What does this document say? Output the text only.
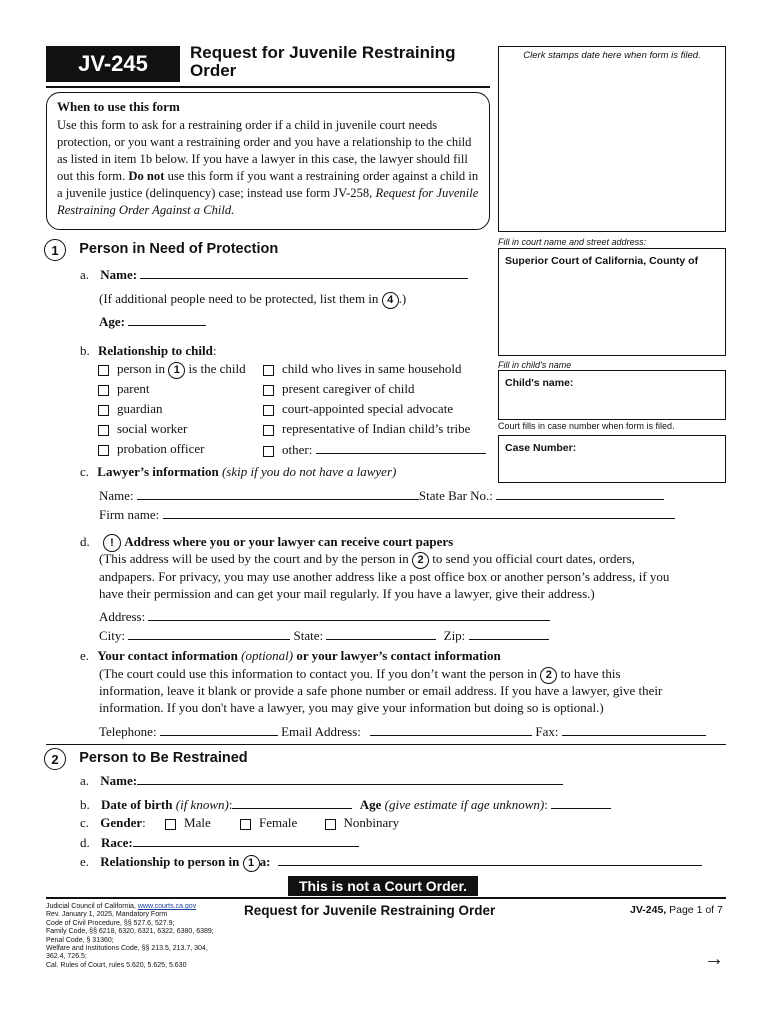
JV-245	Request for Juvenile Restraining
Order
Clerk stamps date here when form is filed.
When to use this form

Use this form to ask for a restraining order if a child in juvenile court needs protection, or you want a restraining order and you have a relationship to the child as listed in item 1b below. If you have a lawyer in this case, the lawyer should fill out this form. Do not use this form if you want a restraining order against a child in a juvenile justice (delinquency) case; instead use form JV-258, Request for Juvenile Restraining Order Against a Child.

Fill in court name and street address:
Superior Court of California, County of
Fill in child's name
Child's name:
Court fills in case number when form is filed.
Case Number:
1 Person in Need of Protection
a. Name:
(If additional people need to be protected, list them in 4 .)
Age:
b. Relationship to child:
person in 1 is the child
parent
guardian
social worker
probation officer
child who lives in same household
present caregiver of child
court-appointed special advocate
representative of Indian child’s tribe
other:
c. Lawyer’s information (skip if you do not have a lawyer)
Name:	State Bar No.:
Firm name:
d. ! Address where you or your lawyer can receive court papers
(This address will be used by the court and by the person in 2 to send you official court dates, orders,
andpapers. For privacy, you may use another address like a post office box or another person’s address, if you
have their permission and can get your mail regularly. If you have a lawyer, give their address.)
Address:
City:	State:	Zip:
e. Your contact information (optional) or your lawyer’s contact information
(The court could use this information to contact you. If you don’t want the person in 2 to have this
information, leave it blank or provide a safe phone number or email address. If you have a lawyer, give their
information. If you don't have a lawyer, you may give your information but doing so is optional.)
Telephone:	Email Address:	Fax:
2 Person to Be Restrained
a. Name:
b. Date of birth (if known):	Age (give estimate if age unknown):
c. Gender:	Male	Female	Nonbinary
d. Race:
e. Relationship to person in 1 a:
This is not a Court Order.
Judicial Council of California, www.courts.ca.gov
Rev. January 1, 2025, Mandatory Form
Code of Civil Procedure, §§ 527.6, 527.9;
Family Code, §§ 6218, 6320, 6321, 6322, 6380, 6389;
Penal Code, § 31360;
Welfare and Institutions Code, §§ 213.5, 213.7, 304,
362.4, 726.5;
Cal. Rules of Court, rules 5.620, 5.625, 5.630
Request for Juvenile Restraining Order	JV-245, Page 1 of 7
→
